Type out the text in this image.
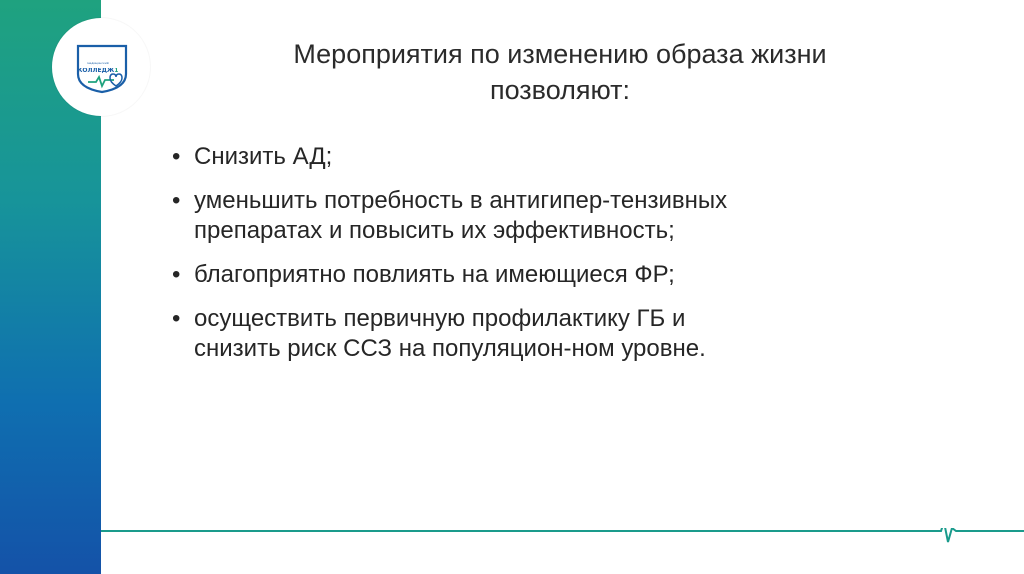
медицинский
КОЛЛЕДЖ1
Мероприятия по изменению образа жизни
позволяют:
• Снизить АД;
• уменьшить потребность в антигипер-тензивных препаратах и повысить их эффективность;
• благоприятно повлиять на имеющиеся ФР;
• осуществить первичную профилактику ГБ и снизить риск ССЗ на популяцион-ном уровне.
